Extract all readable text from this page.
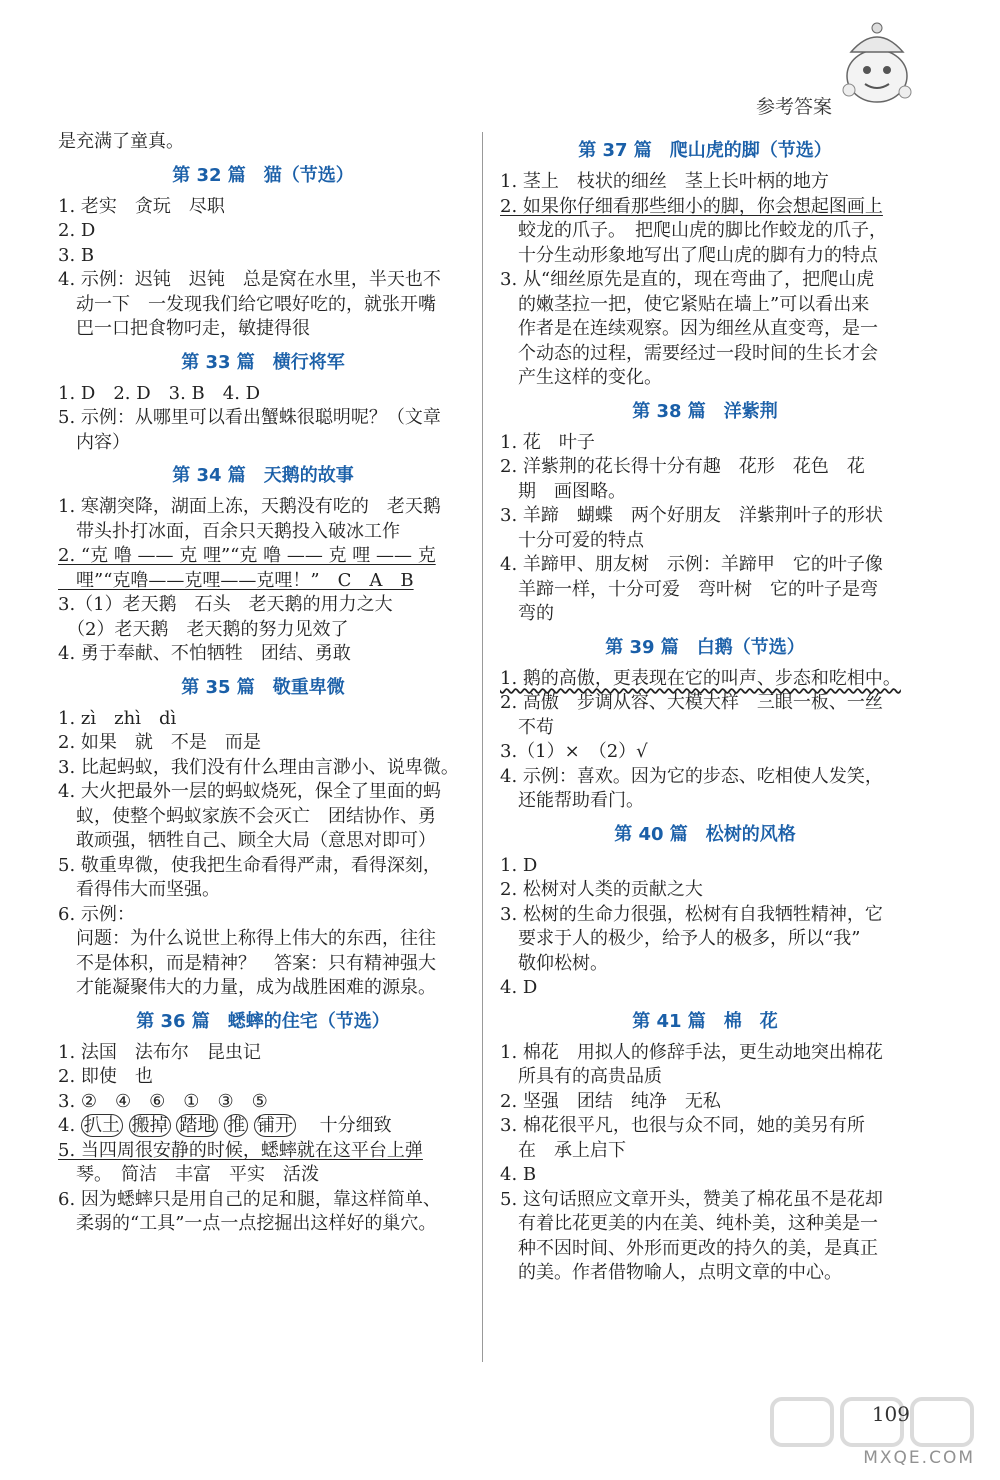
参考答案
是充满了童真。
第 32 篇　猫（节选）
1. 老实　贪玩　尽职
2. D
3. B
4. 示例：迟钝　迟钝　总是窝在水里，半天也不
　动一下　一发现我们给它喂好吃的，就张开嘴
　巴一口把食物叼走，敏捷得很
第 33 篇　横行将军
1. D　2. D　3. B　4. D
5. 示例：从哪里可以看出蟹蛛很聪明呢？（文章
　内容）
第 34 篇　天鹅的故事
1. 寒潮突降，湖面上冻，天鹅没有吃的　老天鹅
　带头扑打冰面，百余只天鹅投入破冰工作
2. “克 噜 —— 克 哩”“克 噜 —— 克 哩 —— 克
　哩”“克噜——克哩——克哩！”　C　A　B
3.（1）老天鹅　石头　老天鹅的用力之大
　（2）老天鹅　老天鹅的努力见效了
4. 勇于奉献、不怕牺牲　团结、勇敢
第 35 篇　敬重卑微
1. zì　zhì　dì
2. 如果　就　不是　而是
3. 比起蚂蚁，我们没有什么理由言渺小、说卑微。
4. 大火把最外一层的蚂蚁烧死，保全了里面的蚂
　蚁，使整个蚂蚁家族不会灭亡　团结协作、勇
　敢顽强，牺牲自己、顾全大局（意思对即可）
5. 敬重卑微，使我把生命看得严肃，看得深刻，
　看得伟大而坚强。
6. 示例：
　问题：为什么说世上称得上伟大的东西，往往
　不是体积，而是精神？　答案：只有精神强大
　才能凝聚伟大的力量，成为战胜困难的源泉。
第 36 篇　蟋蟀的住宅（节选）
1. 法国　法布尔　昆虫记
2. 即使　也
3. ②　④　⑥　①　③　⑤
4. 扒土 搬掉 踏地 推 铺开 　 十分细致
5. 当四周很安静的时候，蟋蟀就在这平台上弹
　琴。　简洁　丰富　平实　活泼
6. 因为蟋蟀只是用自己的足和腿，靠这样简单、
　柔弱的“工具”一点一点挖掘出这样好的巢穴。
第 37 篇　爬山虎的脚（节选）
1. 茎上　枝状的细丝　茎上长叶柄的地方
2. 如果你仔细看那些细小的脚，你会想起图画上
　蛟龙的爪子。　把爬山虎的脚比作蛟龙的爪子，
　十分生动形象地写出了爬山虎的脚有力的特点
3. 从“细丝原先是直的，现在弯曲了，把爬山虎
　的嫩茎拉一把，使它紧贴在墙上”可以看出来
　作者是在连续观察。因为细丝从直变弯，是一
　个动态的过程，需要经过一段时间的生长才会
　产生这样的变化。
第 38 篇　洋紫荆
1. 花　叶子
2. 洋紫荆的花长得十分有趣　花形　花色　花
　期　画图略。
3. 羊蹄　蝴蝶　两个好朋友　洋紫荆叶子的形状
　十分可爱的特点
4. 羊蹄甲、朋友树　示例：羊蹄甲　它的叶子像
　羊蹄一样，十分可爱　弯叶树　它的叶子是弯
　弯的
第 39 篇　白鹅（节选）
1. 鹅的高傲，更表现在它的叫声、步态和吃相中。
2. 高傲　步调从容、大模大样　三眼一板、一丝
　不苟
3.（1）×　（2）√
4. 示例：喜欢。因为它的步态、吃相使人发笑，
　还能帮助看门。
第 40 篇　松树的风格
1. D
2. 松树对人类的贡献之大
3. 松树的生命力很强，松树有自我牺牲精神，它
　要求于人的极少，给予人的极多，所以“我”
　敬仰松树。
4. D
第 41 篇　棉　花
1. 棉花　用拟人的修辞手法，更生动地突出棉花
　所具有的高贵品质
2. 坚强　团结　纯净　无私
3. 棉花很平凡，也很与众不同，她的美另有所
　在　承上启下
4. B
5. 这句话照应文章开头，赞美了棉花虽不是花却
　有着比花更美的内在美、纯朴美，这种美是一
　种不因时间、外形而更改的持久的美，是真正
　的美。作者借物喻人，点明文章的中心。
MXQE.COM
109
